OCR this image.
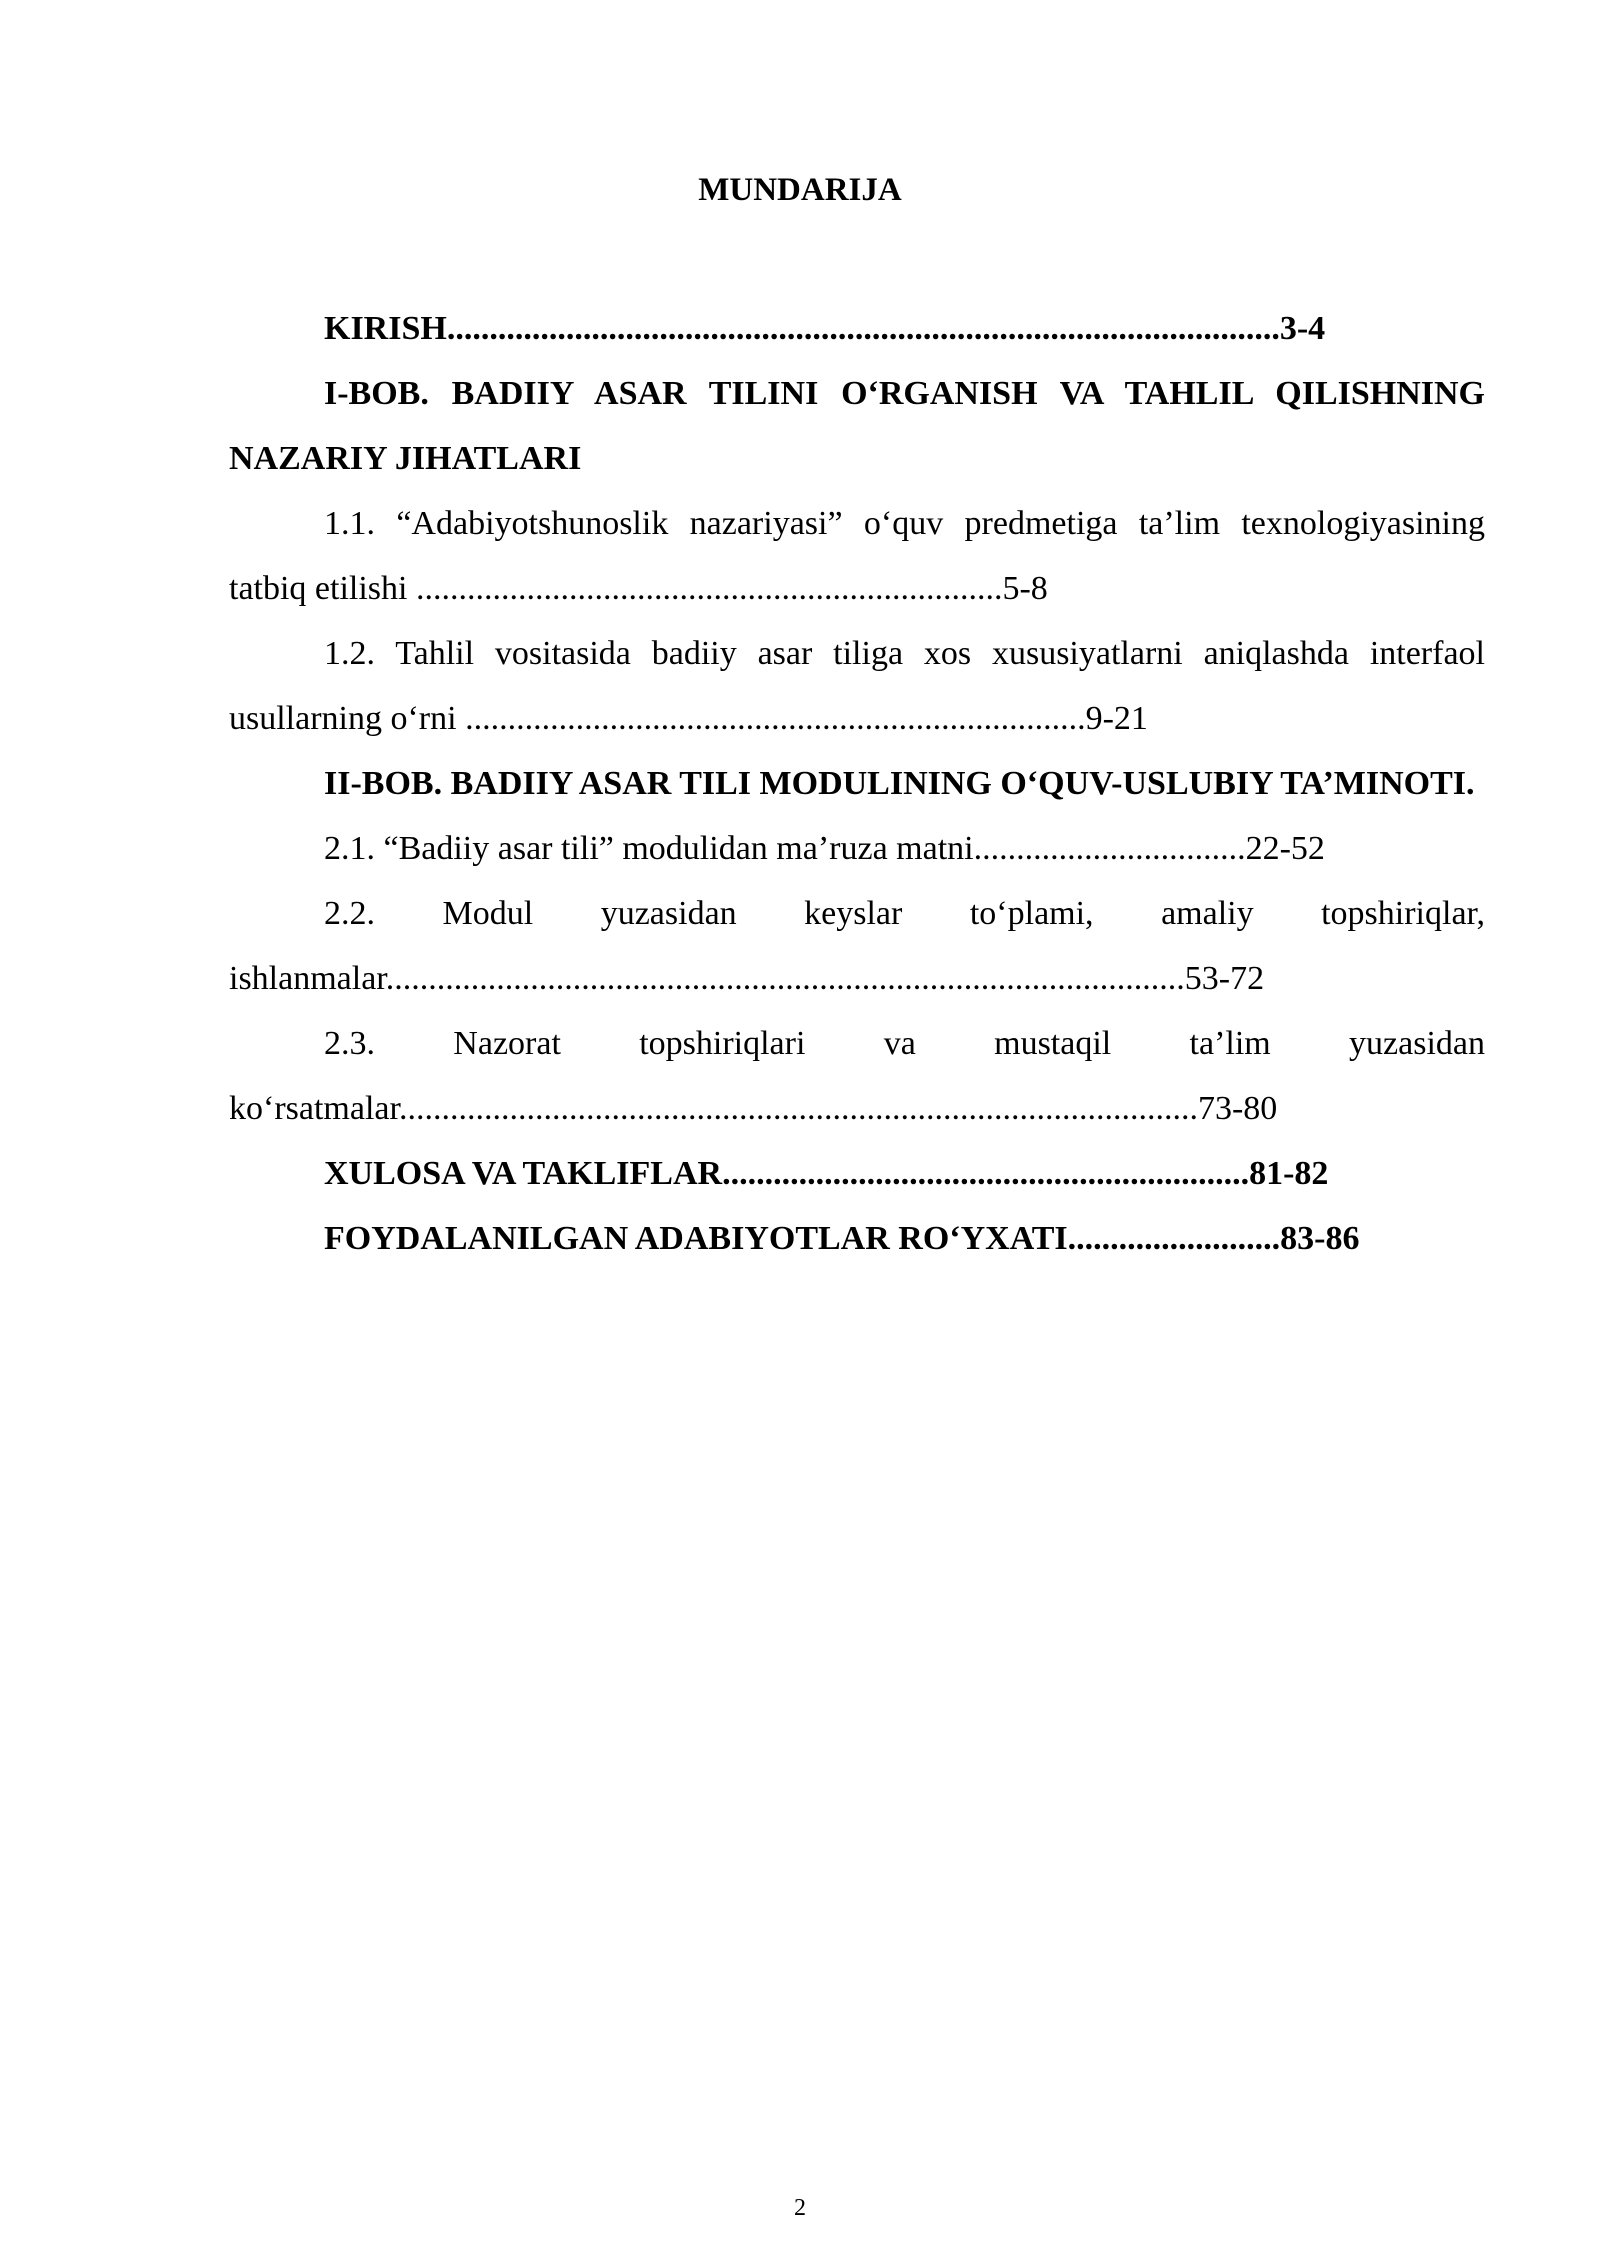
MUNDARIJA

KIRISH..................................................................................................3-4

I-BOB. BADIIY ASAR TILINI O‘RGANISH VA TAHLIL QILISHNING NAZARIY JIHATLARI

1.1. “Adabiyotshunoslik nazariyasi” o‘quv predmetiga ta’lim texnologiyasining tatbiq etilishi .....................................................................5-8

1.2. Tahlil vositasida badiiy asar tiliga xos xususiyatlarni aniqlashda interfaol usullarning o‘rni .........................................................................9-21

II-BOB. BADIIY ASAR TILI MODULINING O‘QUV-USLUBIY TA’MINOTI.

2.1. “Badiiy asar tili” modulidan ma’ruza matni................................22-52

2.2. Modul yuzasidan keyslar to‘plami, amaliy topshiriqlar, ishlanmalar..............................................................................................53-72

2.3. Nazorat topshiriqlari va mustaqil ta’lim yuzasidan ko‘rsatmalar..............................................................................................73-80

XULOSA VA TAKLIFLAR..............................................................81-82

FOYDALANILGAN ADABIYOTLAR RO‘YXATI.........................83-86

2
